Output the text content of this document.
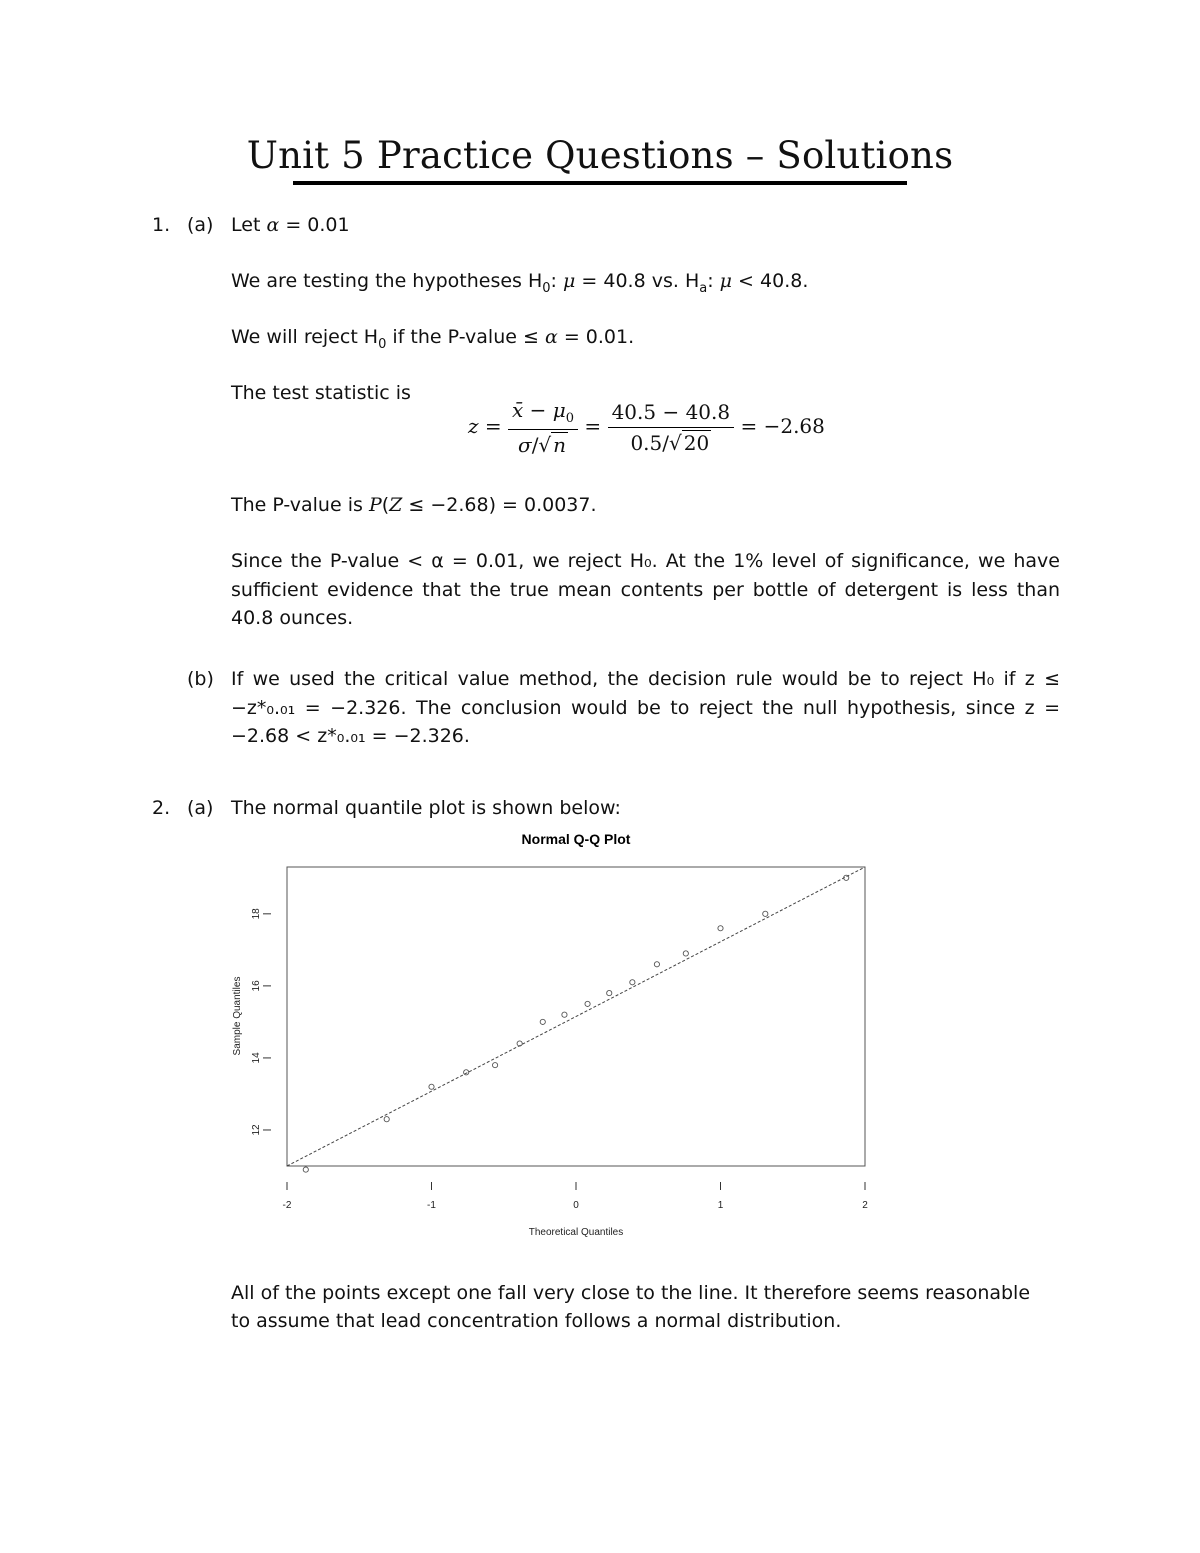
Unit 5 Practice Questions – Solutions
1. (a) Let α = 0.01
We are testing the hypotheses $H_0$: μ = 40.8 vs. $H_a$: μ < 40.8.
We will reject $H_0$ if the P-value ≤ α = 0.01.
The test statistic is
$z = \frac{x̄ - \mu_0}{\sigma/√ n} = \frac{40.5 - 40.8}{0.5/√ 20} = -2.68$
The P-value is P(Z ≤ −2.68) = 0.0037.
Since the P-value < α = 0.01, we reject H₀. At the 1% level of significance, we have sufficient evidence that the true mean contents per bottle of detergent is less than 40.8 ounces.
(b) If we used the critical value method, the decision rule would be to reject H₀ if z ≤ −z*₀.₀₁ = −2.326. The conclusion would be to reject the null hypothesis, since z = −2.68 < z*₀.₀₁ = −2.326.
2. (a) The normal quantile plot is shown below:
Normal Q-Q Plot
-2	-1	0	1	2
12
14
16
18
Theoretical Quantiles
Sample Quantiles
All of the points except one fall very close to the line. It therefore seems reasonable
to assume that lead concentration follows a normal distribution.
